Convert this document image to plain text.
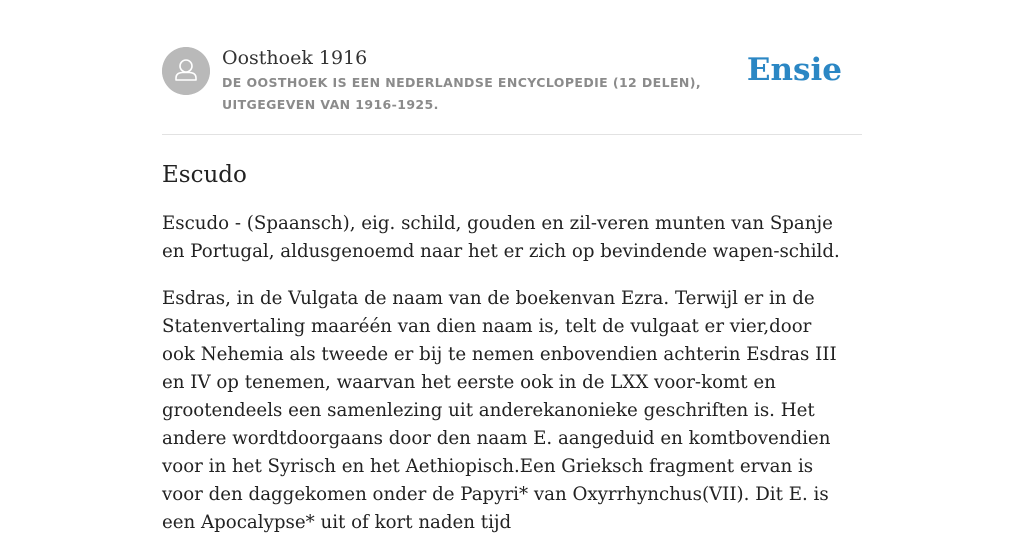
Oosthoek 1916

DE OOSTHOEK IS EEN NEDERLANDSE ENCYCLOPEDIE (12 DELEN), UITGEGEVEN VAN 1916-1925.

Ensie
Escudo

Escudo - (Spaansch), eig. schild, gouden en zil-veren munten van Spanje en Portugal, aldusgenoemd naar het er zich op bevindende wapen-schild.

Esdras, in de Vulgata de naam van de boekenvan Ezra. Terwijl er in de Statenvertaling maaréén van dien naam is, telt de vulgaat er vier,door ook Nehemia als tweede er bij te nemen enbovendien achterin Esdras III en IV op tenemen, waarvan het eerste ook in de LXX voor-komt en grootendeels een samenlezing uit anderekanonieke geschriften is. Het andere wordtdoorgaans door den naam E. aangeduid en komtbovendien voor in het Syrisch en het Aethiopisch.Een Grieksch fragment ervan is voor den daggekomen onder de Papyri* van Oxyrrhynchus(VII). Dit E. is een Apocalypse* uit of kort naden tijd
